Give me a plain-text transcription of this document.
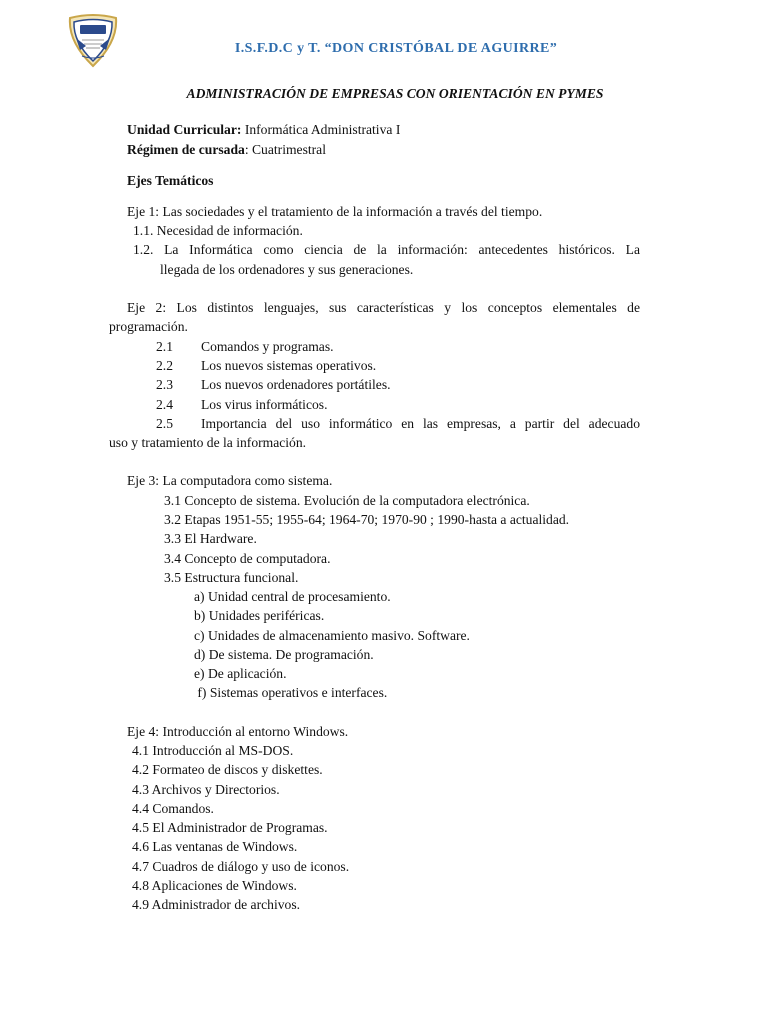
I.S.F.D.C y T. “DON CRISTÓBAL DE AGUIRRE”
ADMINISTRACIÓN DE EMPRESAS CON ORIENTACIÓN EN PYMES
Unidad Curricular: Informática Administrativa I
Régimen de cursada: Cuatrimestral
Ejes Temáticos
Eje 1: Las sociedades y el tratamiento de la información a través del tiempo.
1.1. Necesidad de información.
1.2. La Informática como ciencia de la información: antecedentes históricos. La
llegada de los ordenadores y sus generaciones.
Eje 2: Los distintos lenguajes, sus características y los conceptos elementales de
programación.
2.1 Comandos y programas.
2.2 Los nuevos sistemas operativos.
2.3 Los nuevos ordenadores portátiles.
2.4 Los virus informáticos.
2.5 Importancia del uso informático en las empresas, a partir del adecuado
uso y tratamiento de la información.
Eje 3: La computadora como sistema.
3.1 Concepto de sistema. Evolución de la computadora electrónica.
3.2 Etapas 1951-55; 1955-64; 1964-70; 1970-90 ; 1990-hasta a actualidad.
3.3 El Hardware.
3.4 Concepto de computadora.
3.5 Estructura funcional.
a) Unidad central de procesamiento.
b) Unidades periféricas.
c) Unidades de almacenamiento masivo. Software.
d) De sistema. De programación.
e) De aplicación.
f) Sistemas operativos e interfaces.
Eje 4: Introducción al entorno Windows.
4.1 Introducción al MS-DOS.
4.2 Formateo de discos y diskettes.
4.3 Archivos y Directorios.
4.4 Comandos.
4.5 El Administrador de Programas.
4.6 Las ventanas de Windows.
4.7 Cuadros de diálogo y uso de iconos.
4.8 Aplicaciones de Windows.
4.9 Administrador de archivos.
